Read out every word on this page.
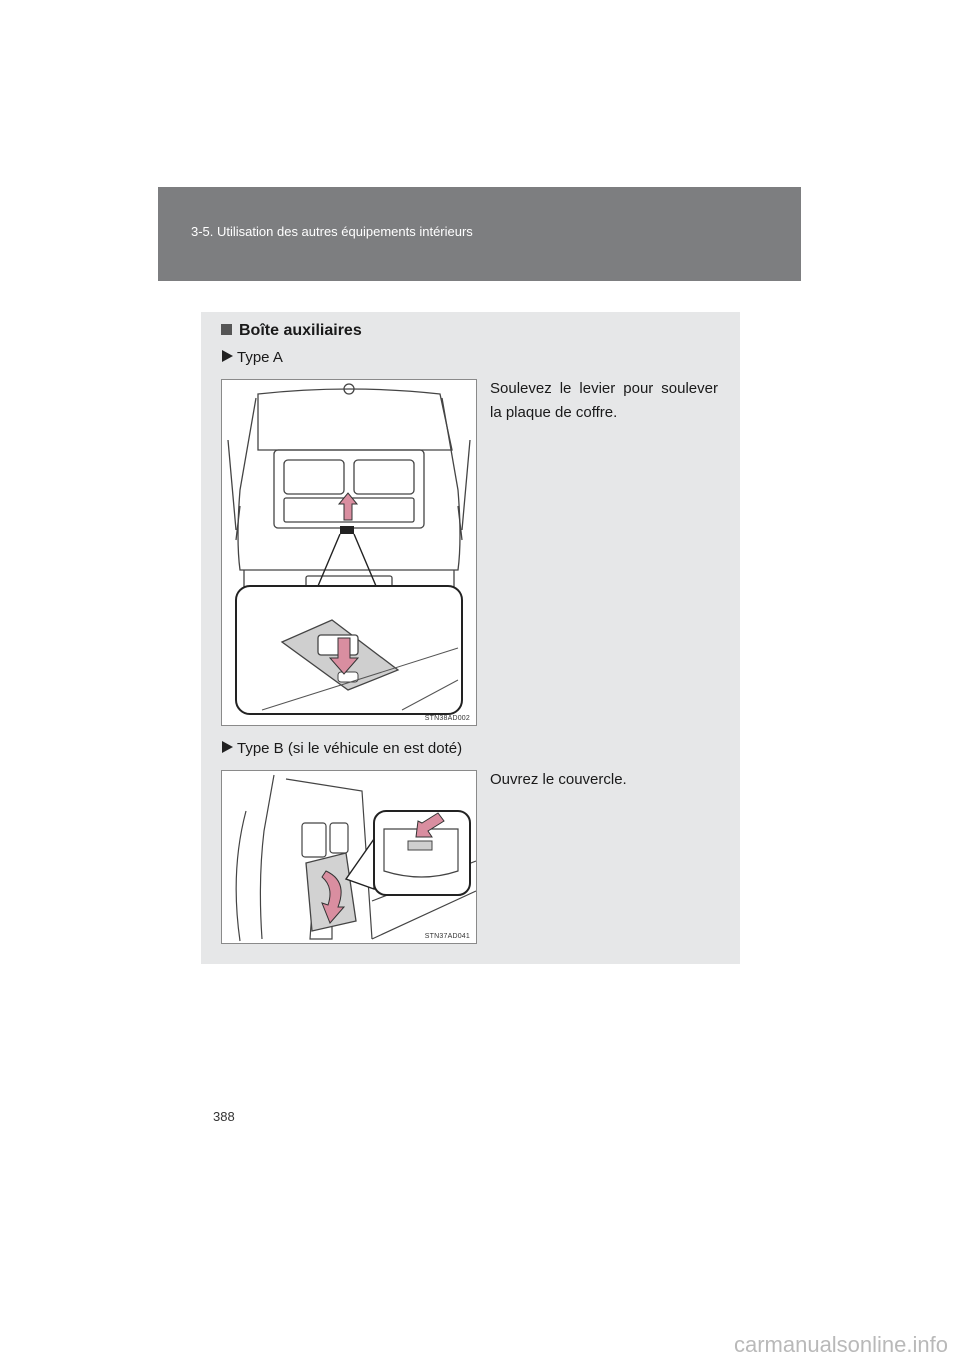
3-5. Utilisation des autres équipements intérieurs
Boîte auxiliaires
Type A
STN38AD002
Soulevez le levier pour soulever la plaque de coffre.
Type B (si le véhicule en est doté)
STN37AD041
Ouvrez le couvercle.
388
carmanualsonline.info
